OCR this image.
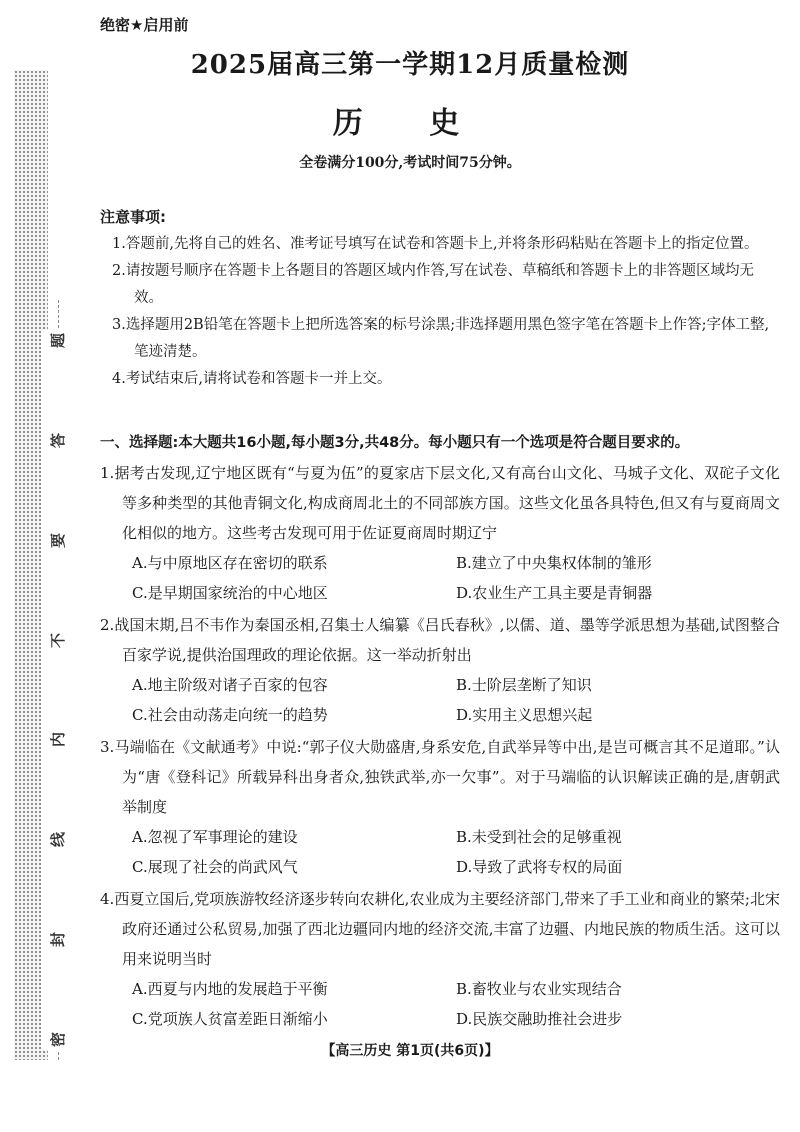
题
答
要
不
内
线
封
密
绝密★启用前
2025届高三第一学期12月质量检测
历 史
全卷满分100分,考试时间75分钟。
注意事项:
1.答题前,先将自己的姓名、准考证号填写在试卷和答题卡上,并将条形码粘贴在答题卡上的指定位置。
2.请按题号顺序在答题卡上各题目的答题区域内作答,写在试卷、草稿纸和答题卡上的非答题区域均无效。
3.选择题用2B铅笔在答题卡上把所选答案的标号涂黑;非选择题用黑色签字笔在答题卡上作答;字体工整,笔迹清楚。
4.考试结束后,请将试卷和答题卡一并上交。
一、选择题:本大题共16小题,每小题3分,共48分。每小题只有一个选项是符合题目要求的。
1.据考古发现,辽宁地区既有“与夏为伍”的夏家店下层文化,又有高台山文化、马城子文化、双砣子文化等多种类型的其他青铜文化,构成商周北土的不同部族方国。这些文化虽各具特色,但又有与夏商周文化相似的地方。这些考古发现可用于佐证夏商周时期辽宁
A.与中原地区存在密切的联系	B.建立了中央集权体制的雏形
C.是早期国家统治的中心地区	D.农业生产工具主要是青铜器
2.战国末期,吕不韦作为秦国丞相,召集士人编纂《吕氏春秋》,以儒、道、墨等学派思想为基础,试图整合百家学说,提供治国理政的理论依据。这一举动折射出
A.地主阶级对诸子百家的包容	B.士阶层垄断了知识
C.社会由动荡走向统一的趋势	D.实用主义思想兴起
3.马端临在《文献通考》中说:“郭子仪大勋盛唐,身系安危,自武举异等中出,是岂可概言其不足道耶。”认为“唐《登科记》所载异科出身者众,独铁武举,亦一欠事”。对于马端临的认识解读正确的是,唐朝武举制度
A.忽视了军事理论的建设	B.未受到社会的足够重视
C.展现了社会的尚武风气	D.导致了武将专权的局面
4.西夏立国后,党项族游牧经济逐步转向农耕化,农业成为主要经济部门,带来了手工业和商业的繁荣;北宋政府还通过公私贸易,加强了西北边疆同内地的经济交流,丰富了边疆、内地民族的物质生活。这可以用来说明当时
A.西夏与内地的发展趋于平衡	B.畜牧业与农业实现结合
C.党项族人贫富差距日渐缩小	D.民族交融助推社会进步
【高三历史 第1页(共6页)】
